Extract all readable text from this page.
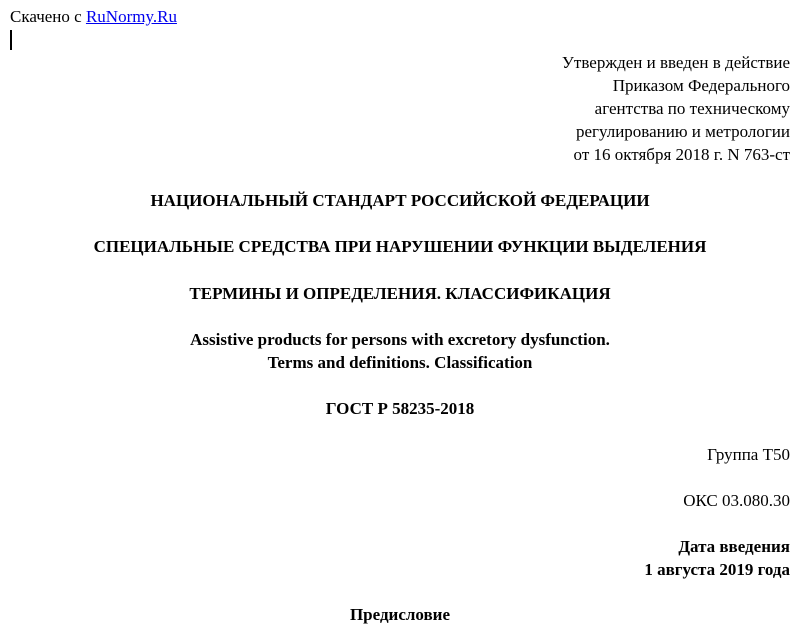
Скачено с RuNormy.Ru
Утвержден и введен в действие
Приказом Федерального
агентства по техническому
регулированию и метрологии
от 16 октября 2018 г. N 763-ст
НАЦИОНАЛЬНЫЙ СТАНДАРТ РОССИЙСКОЙ ФЕДЕРАЦИИ
СПЕЦИАЛЬНЫЕ СРЕДСТВА ПРИ НАРУШЕНИИ ФУНКЦИИ ВЫДЕЛЕНИЯ
ТЕРМИНЫ И ОПРЕДЕЛЕНИЯ. КЛАССИФИКАЦИЯ
Assistive products for persons with excretory dysfunction.
Terms and definitions. Classification
ГОСТ Р 58235-2018
Группа Т50
ОКС 03.080.30
Дата введения
1 августа 2019 года
Предисловие
